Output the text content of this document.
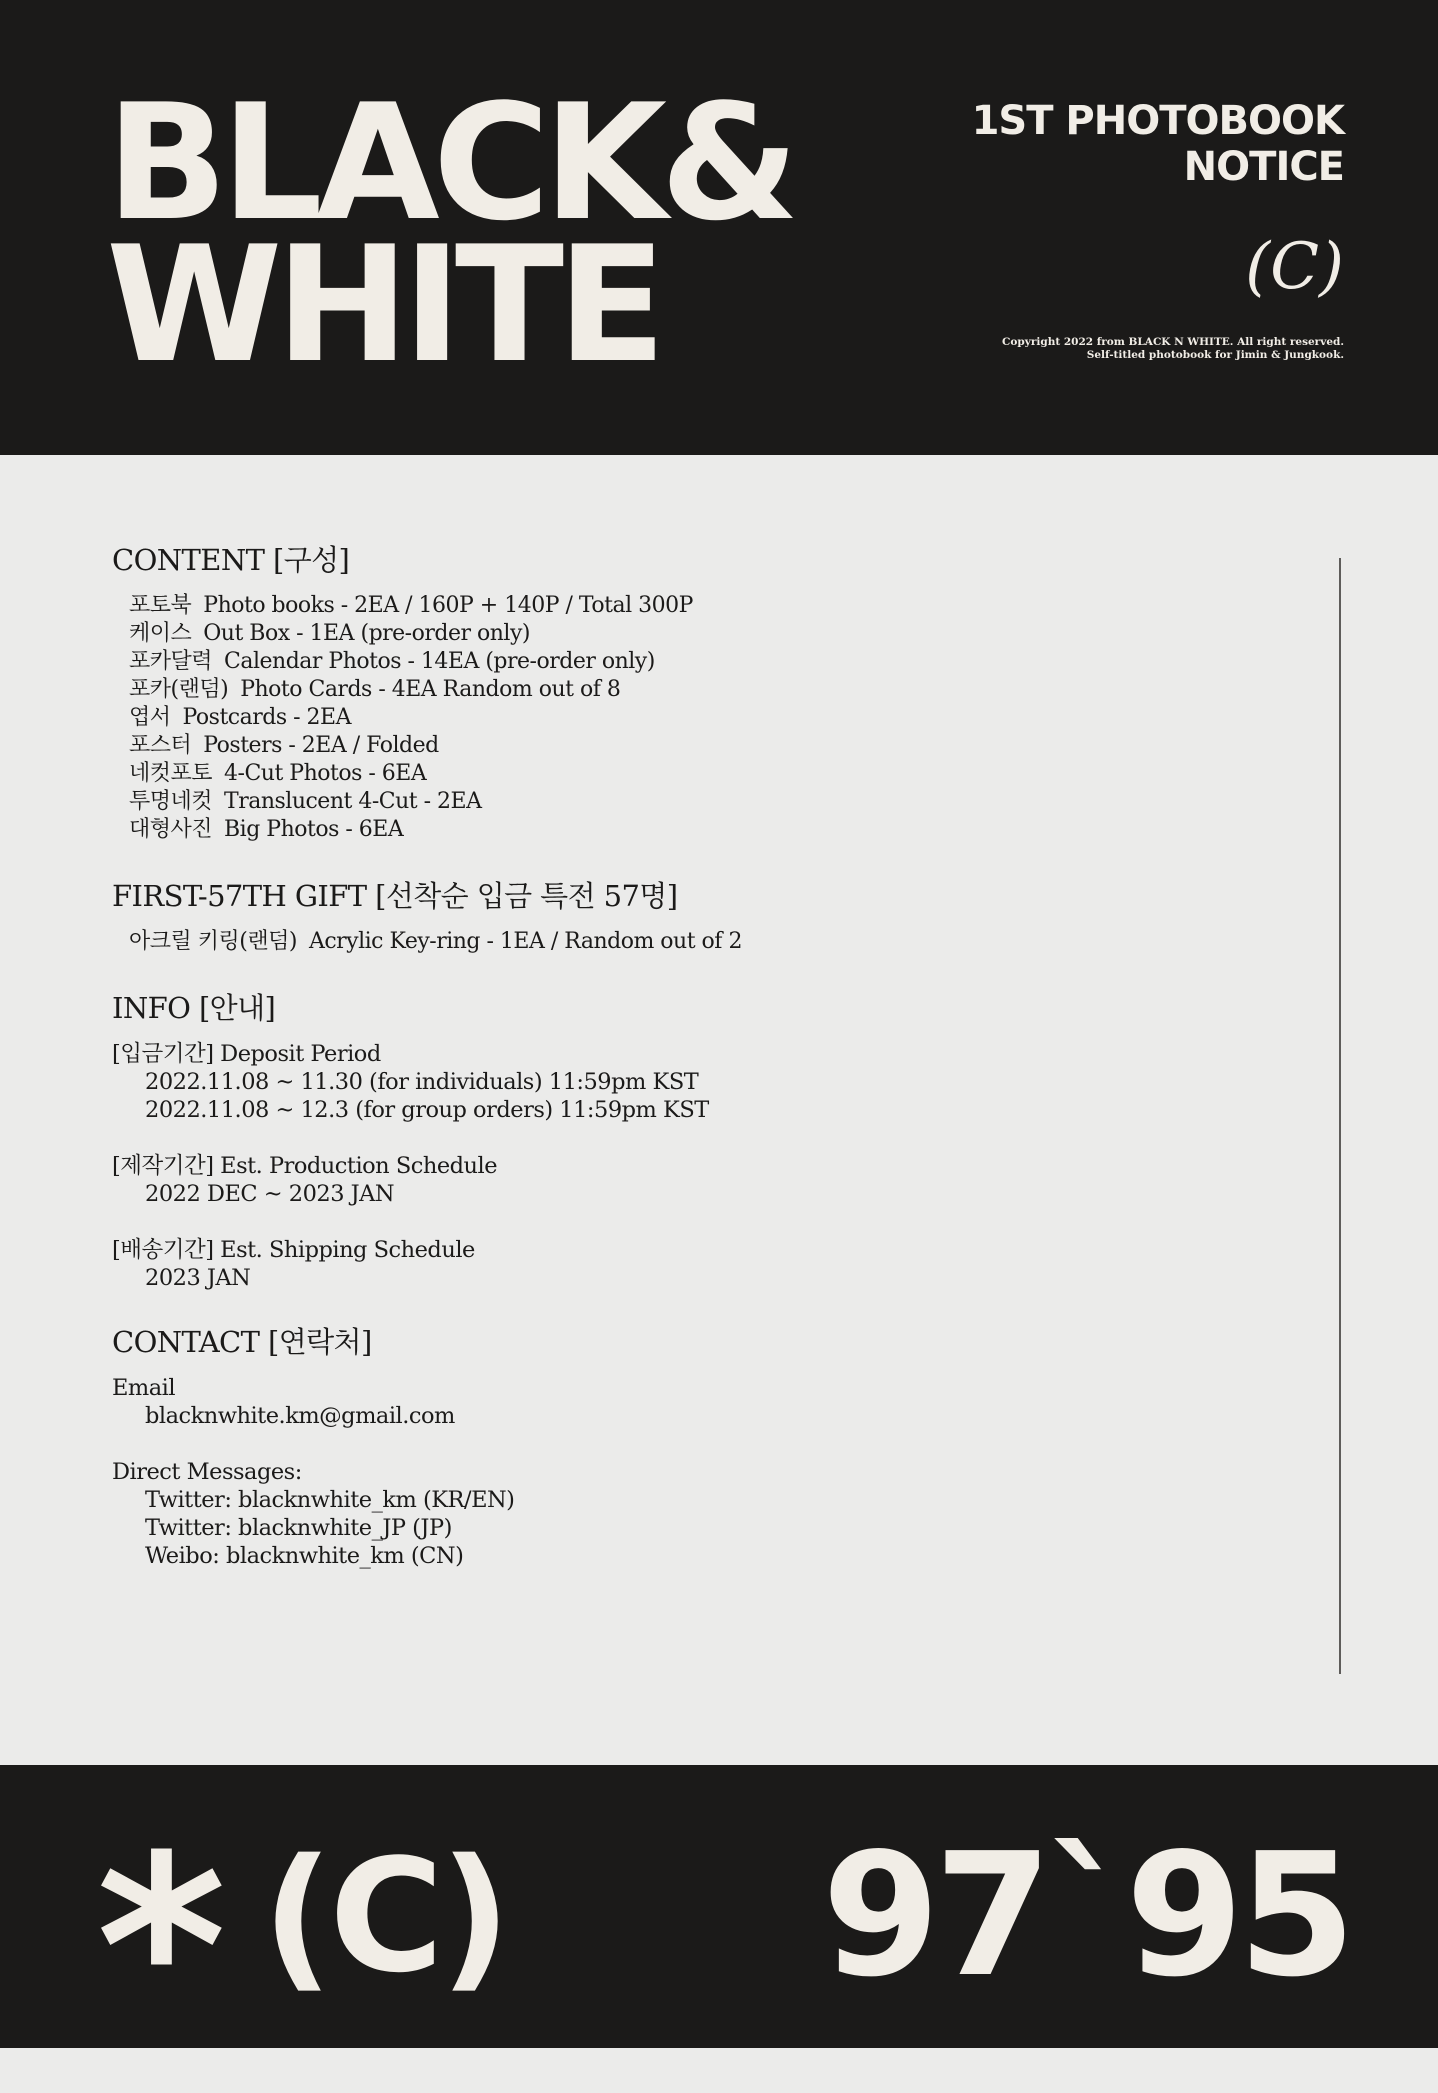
BLACK&
WHITE
1ST PHOTOBOOK
NOTICE
(C)
Copyright 2022 from BLACK N WHITE. All right reserved.
Self-titled photobook for Jimin & Jungkook.
CONTENT [구성]
포토북 Photo books - 2EA / 160P + 140P / Total 300P
케이스 Out Box - 1EA (pre-order only)
포카달력 Calendar Photos - 14EA (pre-order only)
포카(랜덤) Photo Cards - 4EA Random out of 8
엽서 Postcards - 2EA
포스터 Posters - 2EA / Folded
네컷포토 4-Cut Photos - 6EA
투명네컷 Translucent 4-Cut - 2EA
대형사진 Big Photos - 6EA
FIRST-57TH GIFT [선착순 입금 특전 57명]
아크릴 키링(랜덤) Acrylic Key-ring - 1EA / Random out of 2
INFO [안내]
[입금기간] Deposit Period
2022.11.08 ~ 11.30 (for individuals) 11:59pm KST
2022.11.08 ~ 12.3 (for group orders) 11:59pm KST
[제작기간] Est. Production Schedule
2022 DEC ~ 2023 JAN
[배송기간] Est. Shipping Schedule
2023 JAN
CONTACT [연락처]
Email
blacknwhite.km@gmail.com
Direct Messages:
Twitter: blacknwhite_km (KR/EN)
Twitter: blacknwhite_JP (JP)
Weibo: blacknwhite_km (CN)
* (C) 97`95
